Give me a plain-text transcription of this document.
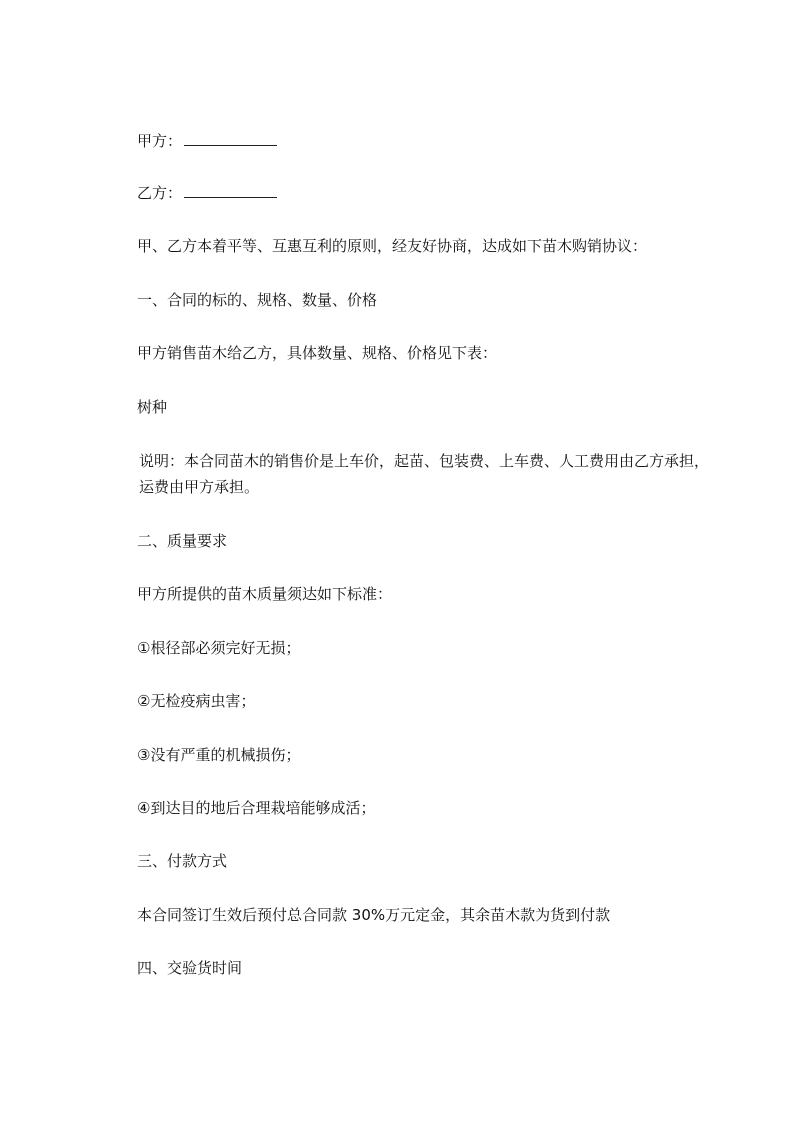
甲方：
乙方：
甲、乙方本着平等、互惠互利的原则，经友好协商，达成如下苗木购销协议：
一、合同的标的、规格、数量、价格
甲方销售苗木给乙方，具体数量、规格、价格见下表：
树种
说明：本合同苗木的销售价是上车价，起苗、包装费、上车费、人工费用由乙方承担，运费由甲方承担。
二、质量要求
甲方所提供的苗木质量须达如下标准：
①根径部必须完好无损；
②无检疫病虫害；
③没有严重的机械损伤；
④到达目的地后合理栽培能够成活；
三、付款方式
本合同签订生效后预付总合同款 30%万元定金，其余苗木款为货到付款
四、交验货时间
